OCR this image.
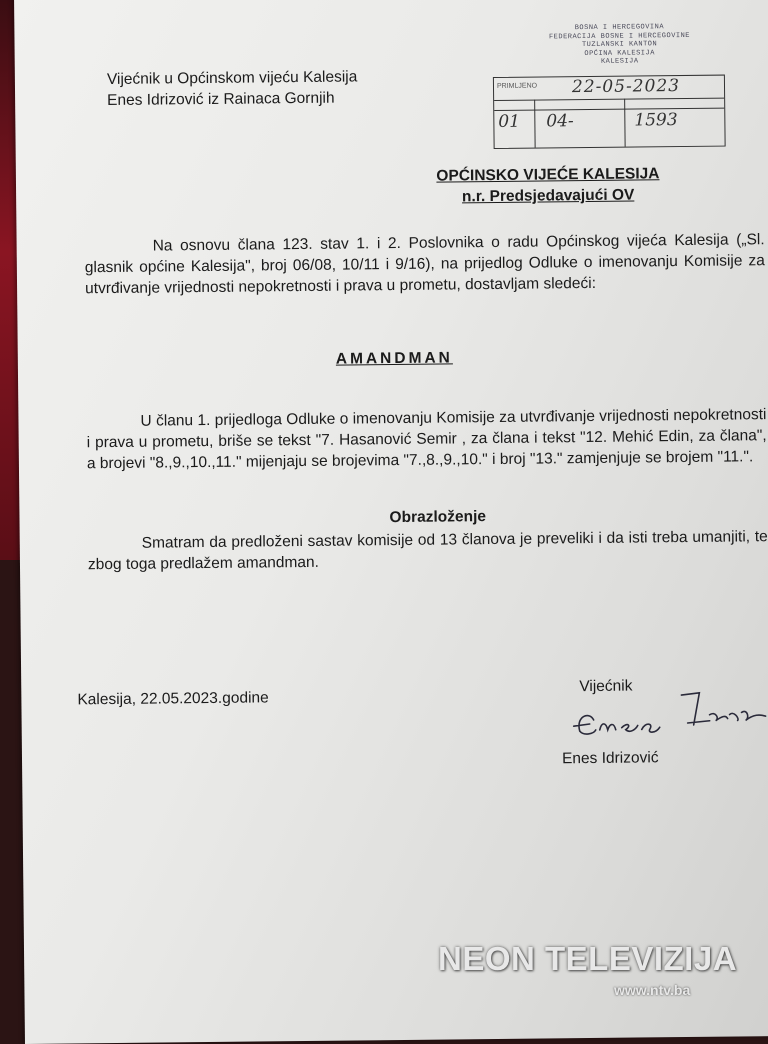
Vijećnik u Općinskom vijeću Kalesija
Enes Idrizović iz Rainaca Gornjih
BOSNA I HERCEGOVINA
FEDERACIJA BOSNE I HERCEGOVINE
TUZLANSKI KANTON
OPĆINA KALESIJA
KALESIJA
PRIMLJENO 22-05-2023
01 04-	1593
OPĆINSKO VIJEĆE KALESIJA
n.r. Predsjedavajući OV
Na osnovu člana 123. stav 1. i 2. Poslovnika o radu Općinskog vijeća Kalesija („Sl. glasnik općine Kalesija", broj 06/08, 10/11 i 9/16), na prijedlog Odluke o imenovanju Komisije za utvrđivanje vrijednosti nepokretnosti i prava u prometu, dostavljam sledeći:
AMANDMAN
U članu 1. prijedloga Odluke o imenovanju Komisije za utvrđivanje vrijednosti nepokretnosti i prava u prometu, briše se tekst "7. Hasanović Semir , za člana i tekst "12. Mehić Edin, za člana", a brojevi "8.,9.,10.,11." mijenjaju se brojevima "7.,8.,9.,10." i broj "13." zamjenjuje se brojem "11.".
Obrazloženje
Smatram da predloženi sastav komisije od 13 članova je preveliki i da isti treba umanjiti, te zbog toga predlažem amandman.
Kalesija, 22.05.2023.godine
Vijećnik
Enes Idrizović
NEON TELEVIZIJA
www.ntv.ba
